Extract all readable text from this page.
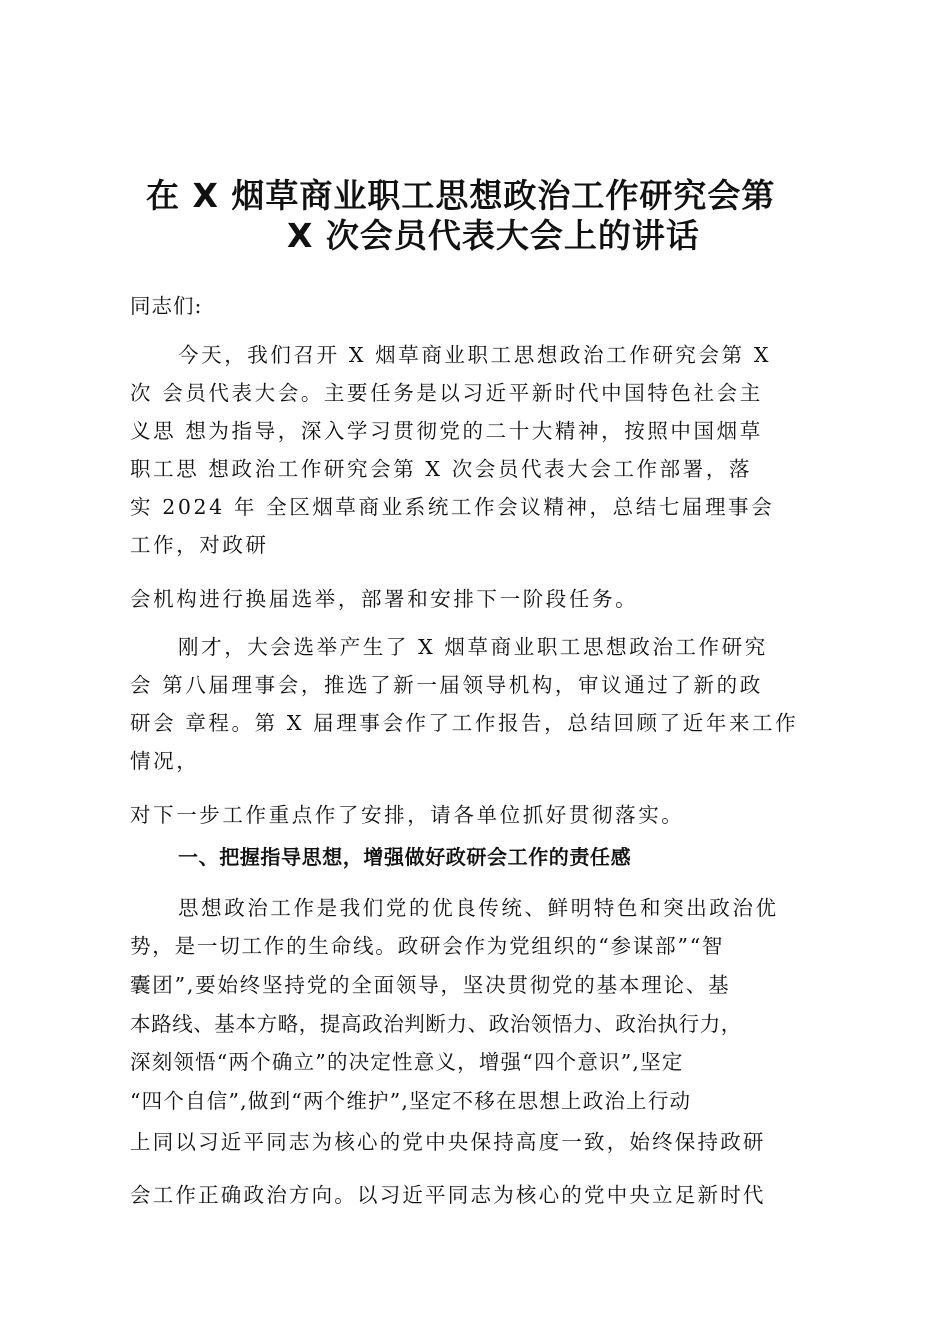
在 X 烟草商业职工思想政治工作研究会第
X 次会员代表大会上的讲话
同志们:
今天，我们召开 X 烟草商业职工思想政治工作研究会第 X
次 会员代表大会。主要任务是以习近平新时代中国特色社会主
义思 想为指导，深入学习贯彻党的二十大精神，按照中国烟草
职工思 想政治工作研究会第 X 次会员代表大会工作部署，落
实 2024 年 全区烟草商业系统工作会议精神，总结七届理事会
工作，对政研
会机构进行换届选举，部署和安排下一阶段任务。
刚才，大会选举产生了 X 烟草商业职工思想政治工作研究
会 第八届理事会，推选了新一届领导机构，审议通过了新的政
研会 章程。第 X 届理事会作了工作报告，总结回顾了近年来工作
情况，
对下一步工作重点作了安排，请各单位抓好贯彻落实。
一、把握指导思想，增强做好政研会工作的责任感
思想政治工作是我们党的优良传统、鲜明特色和突出政治优
势，是一切工作的生命线。政研会作为党组织的“参谋部”“智
囊团”,要始终坚持党的全面领导，坚决贯彻党的基本理论、基
本路线、基本方略，提高政治判断力、政治领悟力、政治执行力，
深刻领悟“两个确立”的决定性意义，增强“四个意识”,坚定
“四个自信”,做到“两个维护”,坚定不移在思想上政治上行动
上同以习近平同志为核心的党中央保持高度一致，始终保持政研
会工作正确政治方向。以习近平同志为核心的党中央立足新时代
